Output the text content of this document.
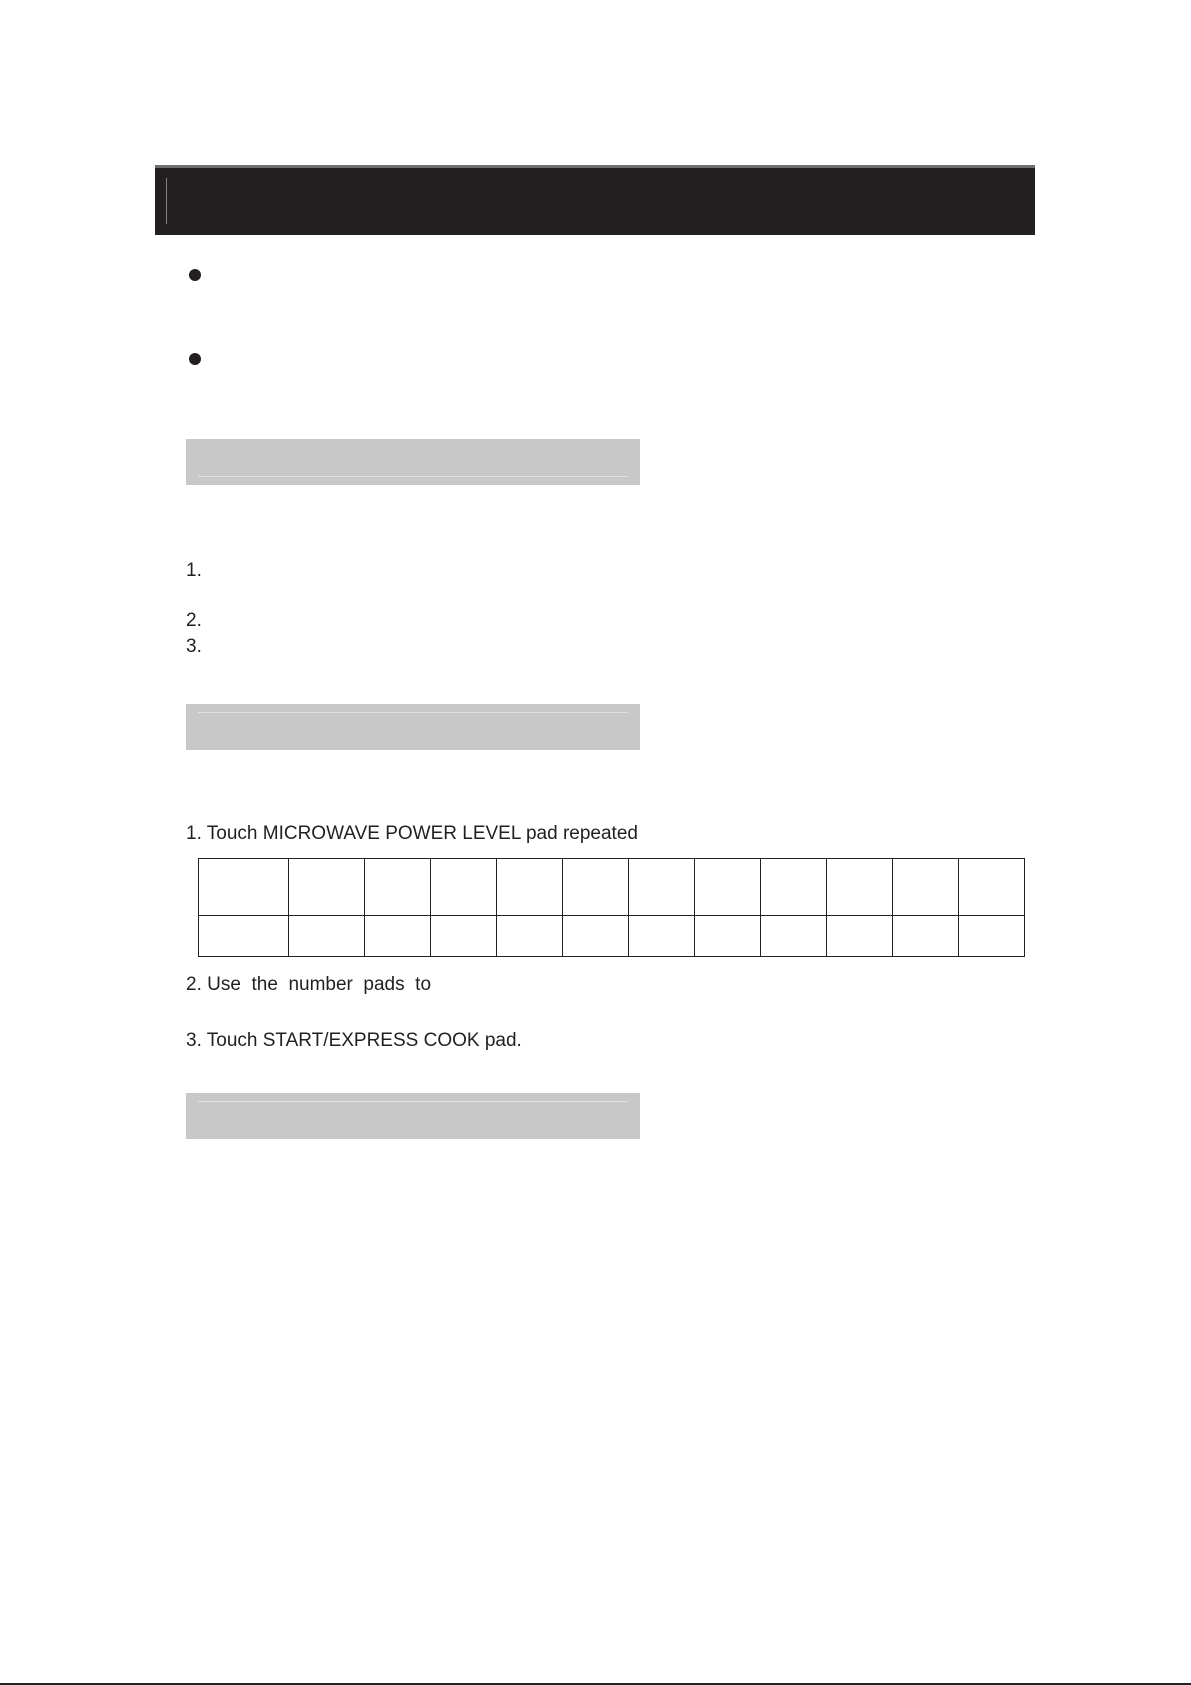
1.
2.
3.
1. Touch MICROWAVE POWER LEVEL pad repeated

2. Use  the  number  pads  to
3. Touch START/EXPRESS COOK pad.
